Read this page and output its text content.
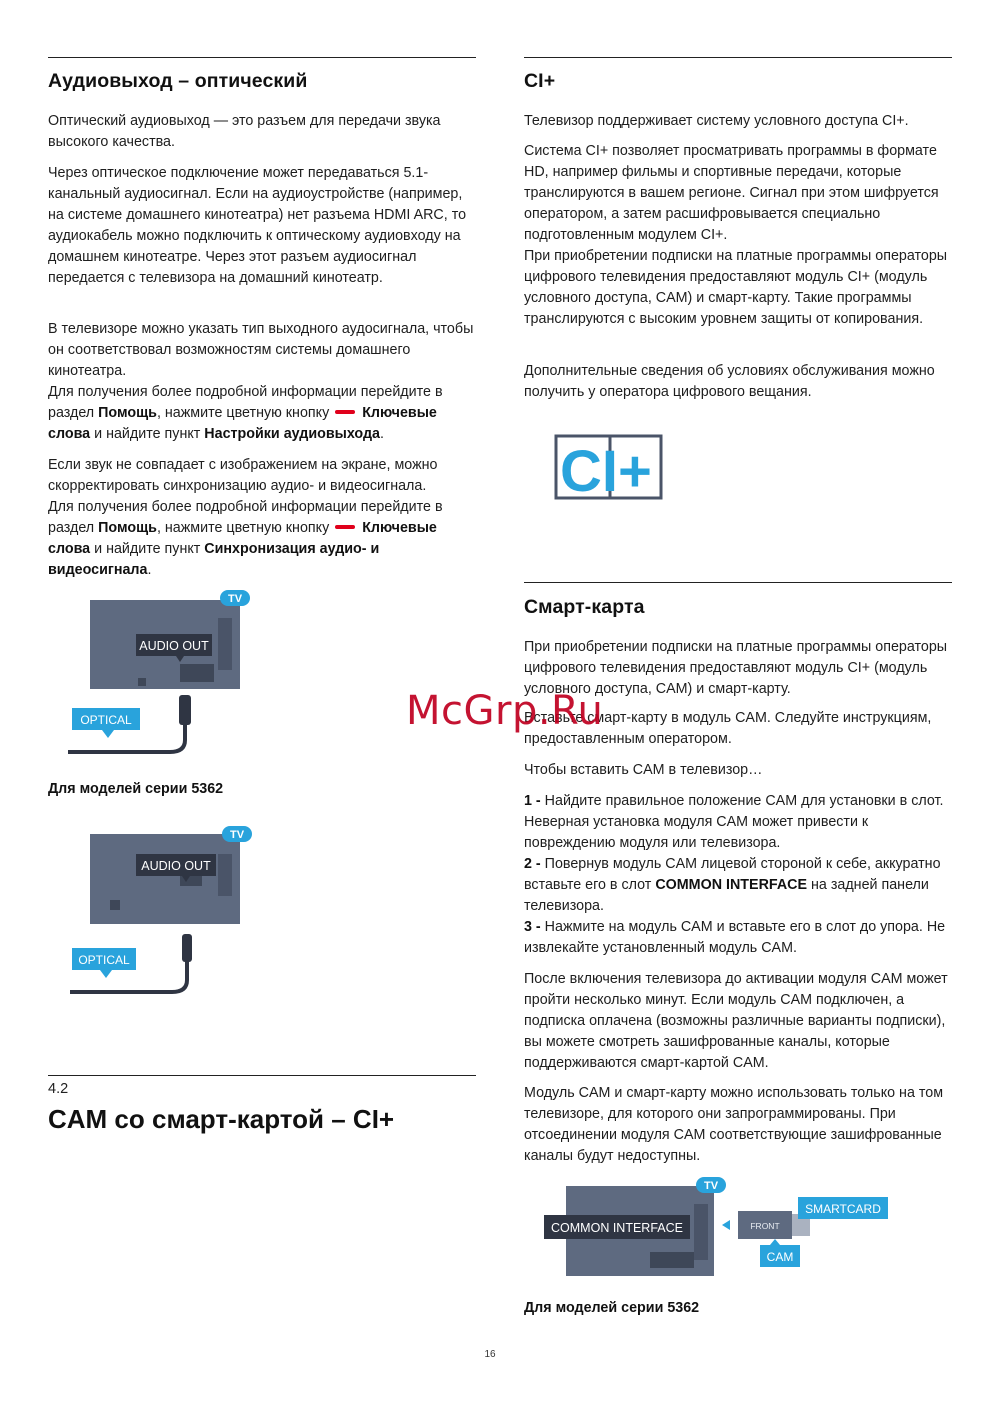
Аудиовыход – оптический

Оптический аудиовыход — это разъем для передачи звука высокого качества.

Через оптическое подключение может передаваться 5.1-канальный аудиосигнал. Если на аудиоустройстве (например, на системе домашнего кинотеатра) нет разъема HDMI ARC, то аудиокабель можно подключить к оптическому аудиовходу на домашнем кинотеатре. Через этот разъем аудиосигнал передается с телевизора на домашний кинотеатр.

В телевизоре можно указать тип выходного аудосигнала, чтобы он соответствовал возможностям системы домашнего кинотеатра.
Для получения более подробной информации перейдите в раздел Помощь, нажмите цветную кнопку Ключевые слова и найдите пункт Настройки аудиовыхода.
Если звук не совпадает с изображением на экране, можно скорректировать синхронизацию аудио- и видеосигнала.
Для получения более подробной информации перейдите в раздел Помощь, нажмите цветную кнопку Ключевые слова и найдите пункт Синхронизация аудио- и видеосигнала.
TV
AUDIO OUT
OPTICAL
Для моделей серии 5362
TV
AUDIO OUT
OPTICAL
4.2
CAM со смарт-картой – CI+
CI+

Телевизор поддерживает систему условного доступа CI+.

Система CI+ позволяет просматривать программы в формате HD, например фильмы и спортивные передачи, которые транслируются в вашем регионе. Сигнал при этом шифруется оператором, а затем расшифровывается специально подготовленным модулем CI+.
При приобретении подписки на платные программы операторы цифрового телевидения предоставляют модуль CI+ (модуль условного доступа, CAM) и смарт-карту. Такие программы транслируются с высоким уровнем защиты от копирования.

Дополнительные сведения об условиях обслуживания можно получить у оператора цифрового вещания.

CI+
Смарт-карта

При приобретении подписки на платные программы операторы цифрового телевидения предоставляют модуль CI+ (модуль условного доступа, CAM) и смарт-карту.

Вставьте смарт-карту в модуль CAM. Следуйте инструкциям, предоставленным оператором.

Чтобы вставить CAM в телевизор…

1 - Найдите правильное положение CAM для установки в слот. Неверная установка модуля CAM может привести к повреждению модуля или телевизора.
2 - Повернув модуль CAM лицевой стороной к себе, аккуратно вставьте его в слот COMMON INTERFACE на задней панели телевизора.
3 - Нажмите на модуль CAM и вставьте его в слот до упора. Не извлекайте установленный модуль CAM.

После включения телевизора до активации модуля CAM может пройти несколько минут. Если модуль CAM подключен, а подписка оплачена (возможны различные варианты подписки), вы можете смотреть зашифрованные каналы, которые поддерживаются смарт-картой CAM.

Модуль CAM и смарт-карту можно использовать только на том телевизоре, для которого они запрограммированы. При отсоединении модуля CAM соответствующие зашифрованные каналы будут недоступны.

TV
COMMON INTERFACE	FRONT
SMARTCARD
CAM
Для моделей серии 5362
McGrp.Ru
16
